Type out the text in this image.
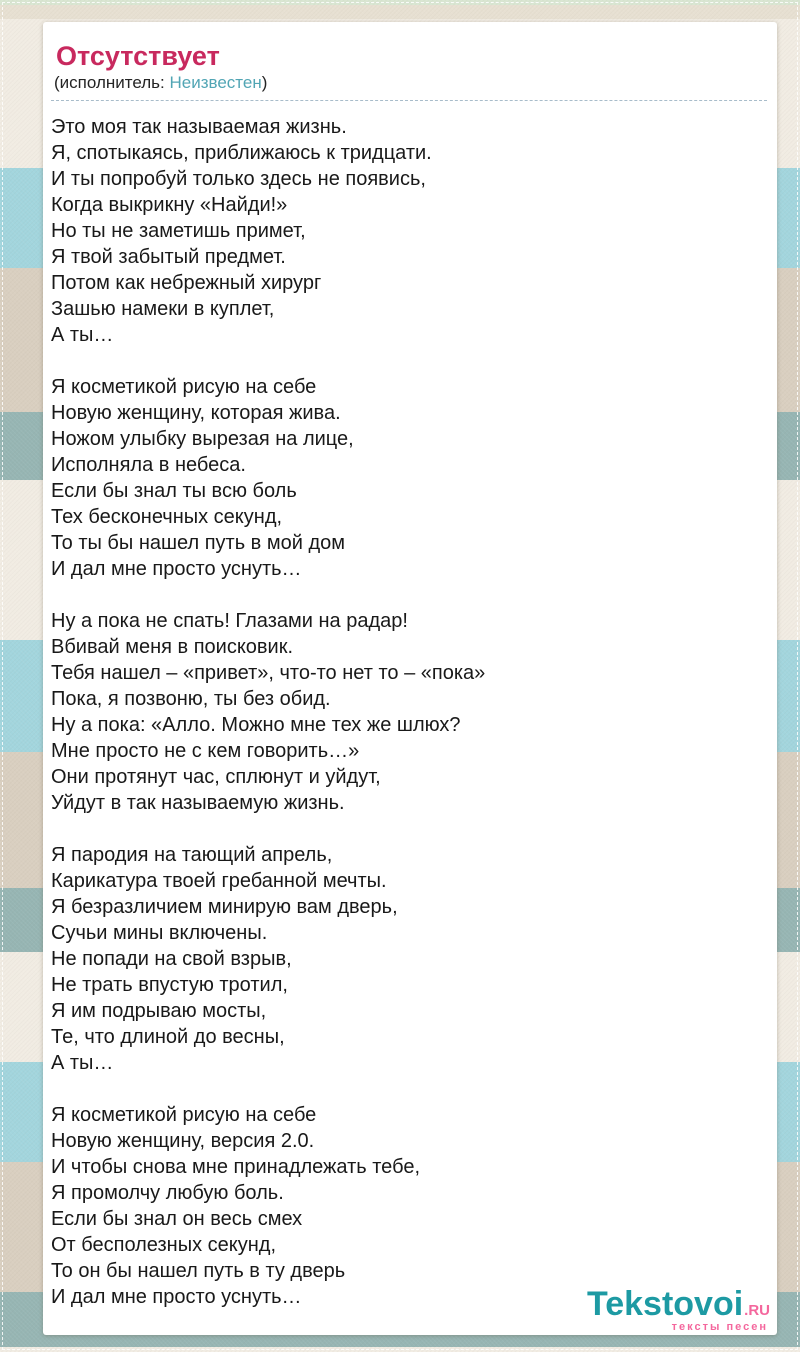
Отсутствует
(исполнитель: Неизвестен)

Это моя так называемая жизнь.
Я, спотыкаясь, приближаюсь к тридцати.
И ты попробуй только здесь не появись,
Когда выкрикну «Найди!»
Но ты не заметишь примет,
Я твой забытый предмет.
Потом как небрежный хирург
Зашью намеки в куплет,
А ты…

Я косметикой рисую на себе
Новую женщину, которая жива.
Ножом улыбку вырезая на лице,
Исполняла в небеса.
Если бы знал ты всю боль
Тех бесконечных секунд,
То ты бы нашел путь в мой дом
И дал мне просто уснуть…

Ну а пока не спать! Глазами на радар!
Вбивай меня в поисковик.
Тебя нашел – «привет», что-то нет то – «пока»
Пока, я позвоню, ты без обид.
Ну а пока: «Алло. Можно мне тех же шлюх?
Мне просто не с кем говорить…»
Они протянут час, сплюнут и уйдут,
Уйдут в так называемую жизнь.

Я пародия на тающий апрель,
Карикатура твоей гребанной мечты.
Я безразличием минирую вам дверь,
Сучьи мины включены.
Не попади на свой взрыв,
Не трать впустую тротил,
Я им подрываю мосты,
Те, что длиной до весны,
А ты…

Я косметикой рисую на себе
Новую женщину, версия 2.0.
И чтобы снова мне принадлежать тебе,
Я промолчу любую боль.
Если бы знал он весь смех
От бесполезных секунд,
То он бы нашел путь в ту дверь
И дал мне просто уснуть…	Tekstovoi .RU
тексты песен
